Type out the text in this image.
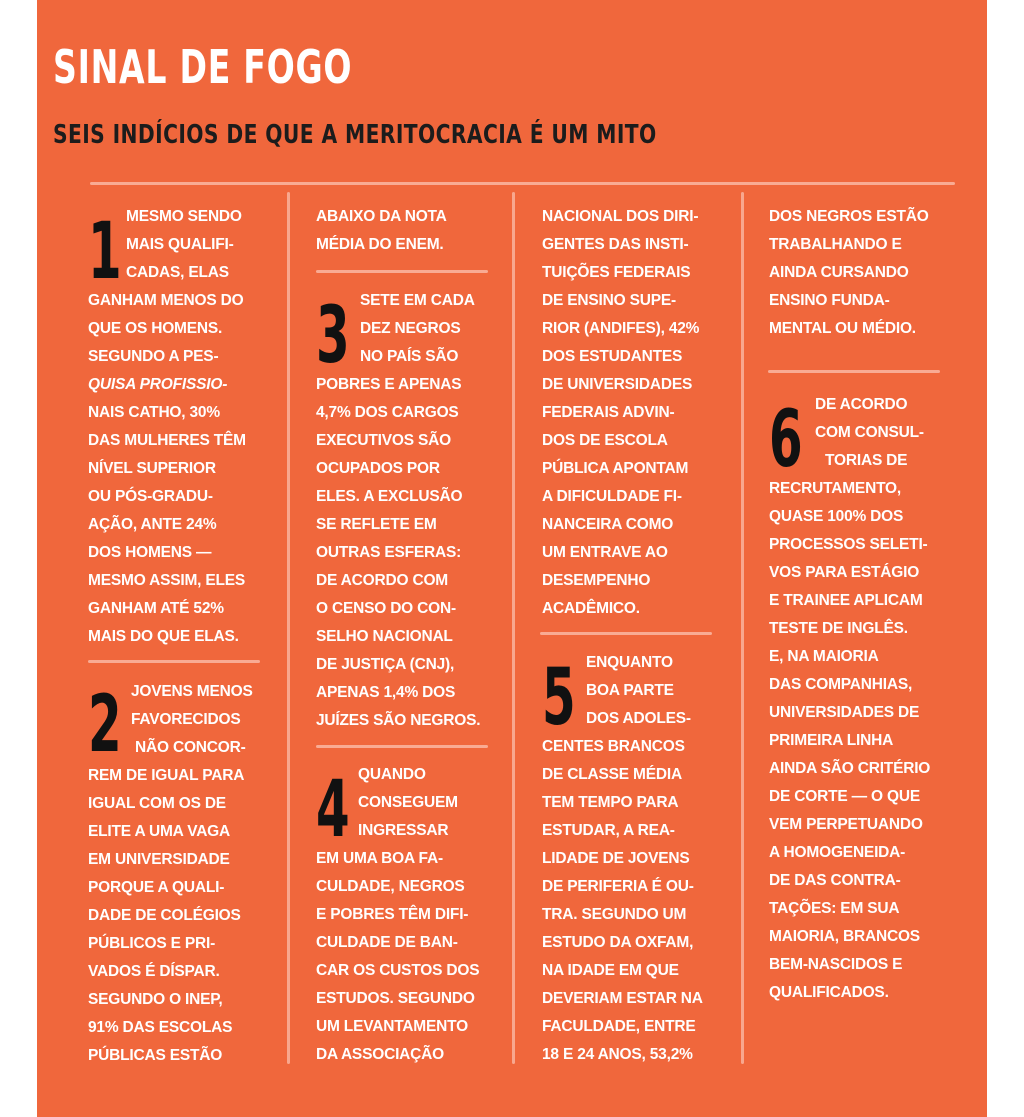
SINAL DE FOGO
SEIS INDÍCIOS DE QUE A MERITOCRACIA É UM MITO
1 MESMO SENDO
MAIS QUALIFI-
CADAS, ELAS
GANHAM MENOS DO
QUE OS HOMENS.
SEGUNDO A PES-
QUISA PROFISSIO-
NAIS CATHO, 30%
DAS MULHERES TÊM
NÍVEL SUPERIOR
OU PÓS-GRADU-
AÇÃO, ANTE 24%
DOS HOMENS —
MESMO ASSIM, ELES
GANHAM ATÉ 52%
MAIS DO QUE ELAS.
2 JOVENS MENOS
FAVORECIDOS
NÃO CONCOR-
REM DE IGUAL PARA
IGUAL COM OS DE
ELITE A UMA VAGA
EM UNIVERSIDADE
PORQUE A QUALI-
DADE DE COLÉGIOS
PÚBLICOS E PRI-
VADOS É DÍSPAR.
SEGUNDO O INEP,
91% DAS ESCOLAS
PÚBLICAS ESTÃO
ABAIXO DA NOTA
MÉDIA DO ENEM.
3 SETE EM CADA
DEZ NEGROS
NO PAÍS SÃO
POBRES E APENAS
4,7% DOS CARGOS
EXECUTIVOS SÃO
OCUPADOS POR
ELES. A EXCLUSÃO
SE REFLETE EM
OUTRAS ESFERAS:
DE ACORDO COM
O CENSO DO CON-
SELHO NACIONAL
DE JUSTIÇA (CNJ),
APENAS 1,4% DOS
JUÍZES SÃO NEGROS.
4 QUANDO
CONSEGUEM
INGRESSAR
EM UMA BOA FA-
CULDADE, NEGROS
E POBRES TÊM DIFI-
CULDADE DE BAN-
CAR OS CUSTOS DOS
ESTUDOS. SEGUNDO
UM LEVANTAMENTO
DA ASSOCIAÇÃO
NACIONAL DOS DIRI-
GENTES DAS INSTI-
TUIÇÕES FEDERAIS
DE ENSINO SUPE-
RIOR (ANDIFES), 42%
DOS ESTUDANTES
DE UNIVERSIDADES
FEDERAIS ADVIN-
DOS DE ESCOLA
PÚBLICA APONTAM
A DIFICULDADE FI-
NANCEIRA COMO
UM ENTRAVE AO
DESEMPENHO
ACADÊMICO.
5 ENQUANTO
BOA PARTE
DOS ADOLES-
CENTES BRANCOS
DE CLASSE MÉDIA
TEM TEMPO PARA
ESTUDAR, A REA-
LIDADE DE JOVENS
DE PERIFERIA É OU-
TRA. SEGUNDO UM
ESTUDO DA OXFAM,
NA IDADE EM QUE
DEVERIAM ESTAR NA
FACULDADE, ENTRE
18 E 24 ANOS, 53,2%
DOS NEGROS ESTÃO
TRABALHANDO E
AINDA CURSANDO
ENSINO FUNDA-
MENTAL OU MÉDIO.
6 DE ACORDO
COM CONSUL-
TORIAS DE
RECRUTAMENTO,
QUASE 100% DOS
PROCESSOS SELETI-
VOS PARA ESTÁGIO
E TRAINEE APLICAM
TESTE DE INGLÊS.
E, NA MAIORIA
DAS COMPANHIAS,
UNIVERSIDADES DE
PRIMEIRA LINHA
AINDA SÃO CRITÉRIO
DE CORTE — O QUE
VEM PERPETUANDO
A HOMOGENEIDA-
DE DAS CONTRA-
TAÇÕES: EM SUA
MAIORIA, BRANCOS
BEM-NASCIDOS E
QUALIFICADOS.
